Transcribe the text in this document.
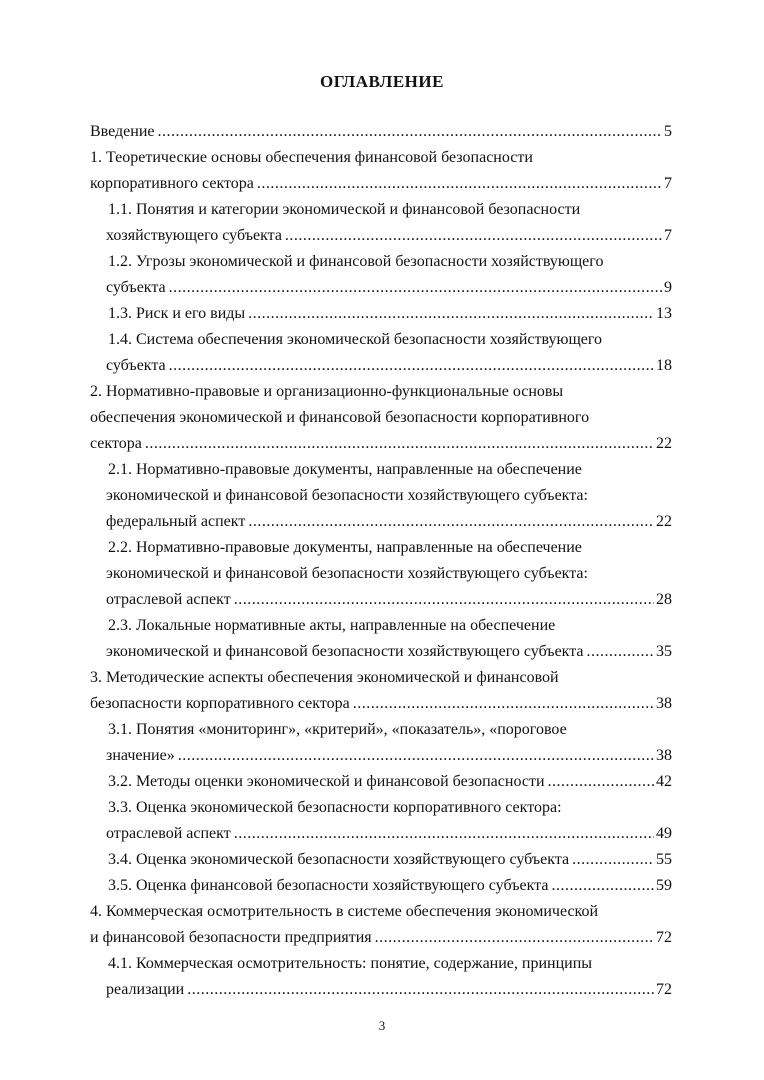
ОГЛАВЛЕНИЕ
Введение .....	5
1. Теоретические основы обеспечения финансовой безопасности
корпоративного сектора .....	7
1.1. Понятия и категории экономической и финансовой безопасности
хозяйствующего субъекта .....	7
1.2. Угрозы экономической и финансовой безопасности хозяйствующего
субъекта .....	9
1.3. Риск и его виды .....	13
1.4. Система обеспечения экономической безопасности хозяйствующего
субъекта .....	18
2. Нормативно-правовые и организационно-функциональные основы
обеспечения экономической и финансовой безопасности корпоративного
сектора .....	22
2.1. Нормативно-правовые документы, направленные на обеспечение
экономической и финансовой безопасности хозяйствующего субъекта:
федеральный аспект .....	22
2.2. Нормативно-правовые документы, направленные на обеспечение
экономической и финансовой безопасности хозяйствующего субъекта:
отраслевой аспект .....	28
2.3. Локальные нормативные акты, направленные на обеспечение
экономической и финансовой безопасности хозяйствующего субъекта .....	35
3. Методические аспекты обеспечения экономической и финансовой
безопасности корпоративного сектора .....	38
3.1. Понятия «мониторинг», «критерий», «показатель», «пороговое
значение» .....	38
3.2. Методы оценки экономической и финансовой безопасности .....	42
3.3. Оценка экономической безопасности корпоративного сектора:
отраслевой аспект .....	49
3.4. Оценка экономической безопасности хозяйствующего субъекта .....	55
3.5. Оценка финансовой безопасности хозяйствующего субъекта .....	59
4. Коммерческая осмотрительность в системе обеспечения экономической
и финансовой безопасности предприятия .....	72
4.1. Коммерческая осмотрительность: понятие, содержание, принципы
реализации .....	72
3
